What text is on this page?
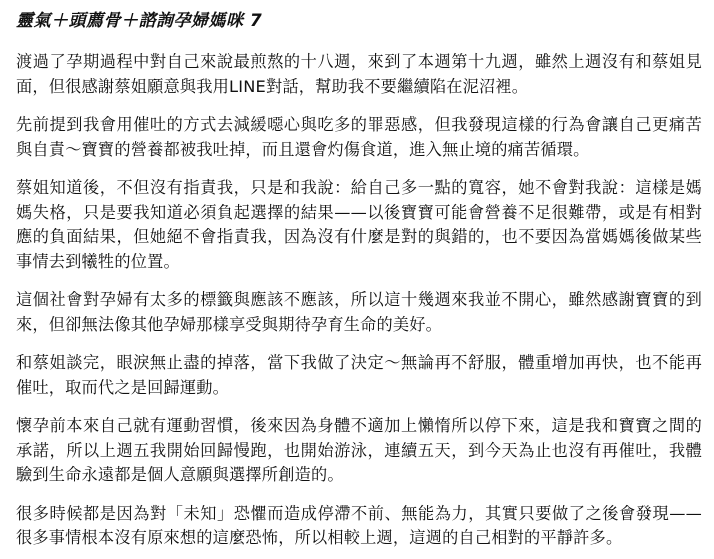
靈氣＋頭薦骨＋諮詢孕婦媽咪 7

渡過了孕期過程中對自己來說最煎熬的十八週，來到了本週第十九週，雖然上週沒有和蔡姐見面，但很感謝蔡姐願意與我用LINE對話，幫助我不要繼續陷在泥沼裡。

先前提到我會用催吐的方式去減緩噁心與吃多的罪惡感，但我發現這樣的行為會讓自己更痛苦與自責～寶寶的營養都被我吐掉，而且還會灼傷食道，進入無止境的痛苦循環。

蔡姐知道後，不但沒有指責我，只是和我說：給自己多一點的寬容，她不會對我說：這樣是媽媽失格，只是要我知道必須負起選擇的結果——以後寶寶可能會營養不足很難帶，或是有相對應的負面結果，但她絕不會指責我，因為沒有什麼是對的與錯的，也不要因為當媽媽後做某些事情去到犧牲的位置。

這個社會對孕婦有太多的標籤與應該不應該，所以這十幾週來我並不開心，雖然感謝寶寶的到來，但卻無法像其他孕婦那樣享受與期待孕育生命的美好。

和蔡姐談完，眼淚無止盡的掉落，當下我做了決定～無論再不舒服，體重增加再快，也不能再催吐，取而代之是回歸運動。

懷孕前本來自己就有運動習慣，後來因為身體不適加上懶惰所以停下來，這是我和寶寶之間的承諾，所以上週五我開始回歸慢跑，也開始游泳，連續五天，到今天為止也沒有再催吐，我體驗到生命永遠都是個人意願與選擇所創造的。

很多時候都是因為對「未知」恐懼而造成停滯不前、無能為力，其實只要做了之後會發現——很多事情根本沒有原來想的這麼恐怖，所以相較上週，這週的自己相對的平靜許多。
